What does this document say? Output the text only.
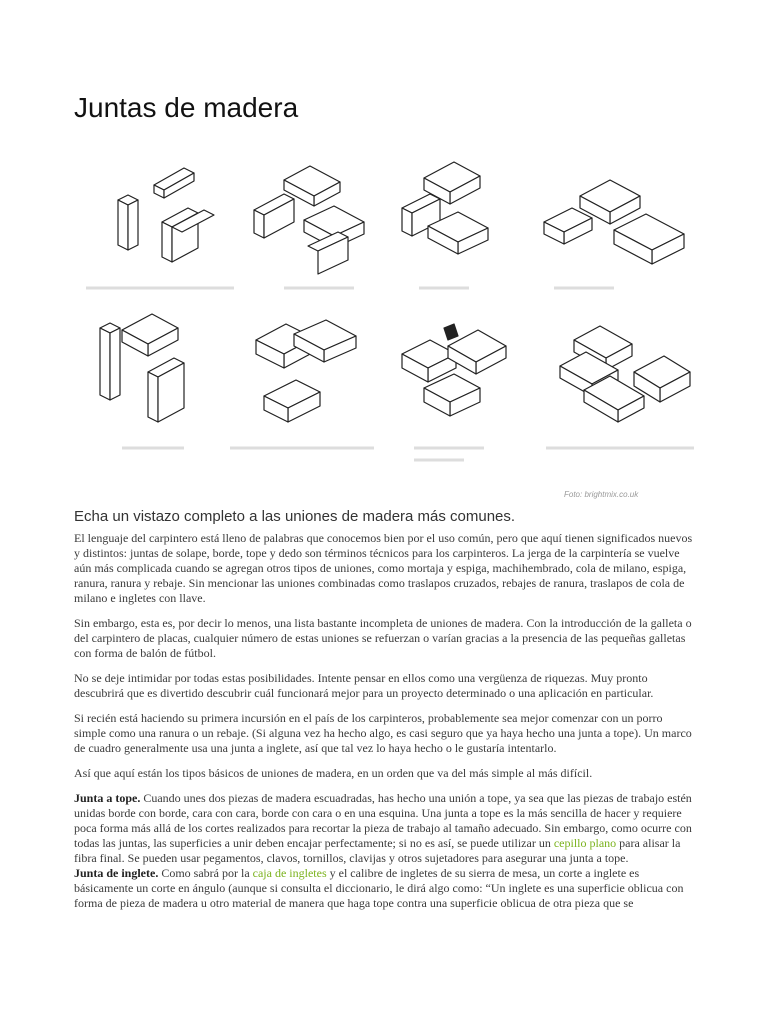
Juntas de madera
Foto: brightmix.co.uk
Echa un vistazo completo a las uniones de madera más comunes.

El lenguaje del carpintero está lleno de palabras que conocemos bien por el uso común, pero que aquí tienen significados nuevos y distintos: juntas de solape, borde, tope y dedo son términos técnicos para los carpinteros. La jerga de la carpintería se vuelve aún más complicada cuando se agregan otros tipos de uniones, como mortaja y espiga, machihembrado, cola de milano, espiga, ranura, ranura y rebaje. Sin mencionar las uniones combinadas como traslapos cruzados, rebajes de ranura, traslapos de cola de milano e ingletes con llave.

Sin embargo, esta es, por decir lo menos, una lista bastante incompleta de uniones de madera. Con la introducción de la galleta o del carpintero de placas, cualquier número de estas uniones se refuerzan o varían gracias a la presencia de las pequeñas galletas con forma de balón de fútbol.

No se deje intimidar por todas estas posibilidades. Intente pensar en ellos como una vergüenza de riquezas. Muy pronto descubrirá que es divertido descubrir cuál funcionará mejor para un proyecto determinado o una aplicación en particular.

Si recién está haciendo su primera incursión en el país de los carpinteros, probablemente sea mejor comenzar con un porro simple como una ranura o un rebaje. (Si alguna vez ha hecho algo, es casi seguro que ya haya hecho una junta a tope). Un marco de cuadro generalmente usa una junta a inglete, así que tal vez lo haya hecho o le gustaría intentarlo.

Así que aquí están los tipos básicos de uniones de madera, en un orden que va del más simple al más difícil.

Junta a tope. Cuando unes dos piezas de madera escuadradas, has hecho una unión a tope, ya sea que las piezas de trabajo estén unidas borde con borde, cara con cara, borde con cara o en una esquina. Una junta a tope es la más sencilla de hacer y requiere poca forma más allá de los cortes realizados para recortar la pieza de trabajo al tamaño adecuado. Sin embargo, como ocurre con todas las juntas, las superficies a unir deben encajar perfectamente; si no es así, se puede utilizar un cepillo plano para alisar la fibra final. Se pueden usar pegamentos, clavos, tornillos, clavijas y otros sujetadores para asegurar una junta a tope.

Junta de inglete. Como sabrá por la caja de ingletes y el calibre de ingletes de su sierra de mesa, un corte a inglete es básicamente un corte en ángulo (aunque si consulta el diccionario, le dirá algo como: “Un inglete es una superficie oblicua con forma de pieza de madera u otro material de manera que haga tope contra una superficie oblicua de otra pieza que se
